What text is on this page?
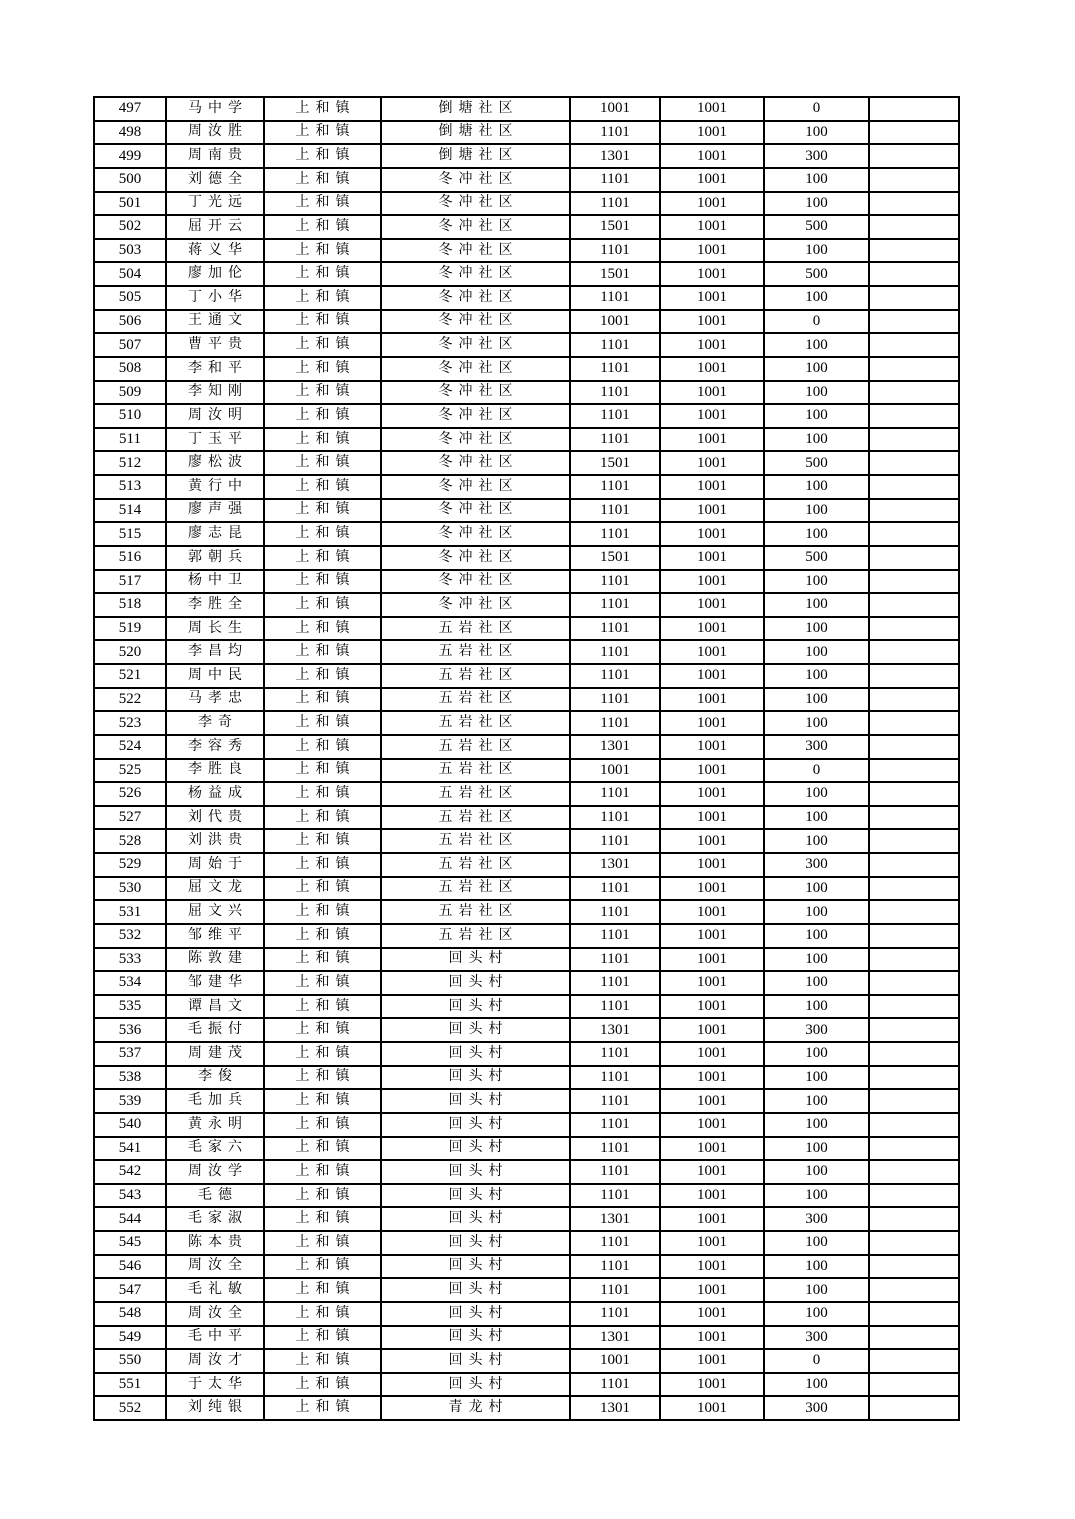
497	马中学	上和镇	倒塘社区	1001	1001	0	
498	周汝胜	上和镇	倒塘社区	1101	1001	100	
499	周南贵	上和镇	倒塘社区	1301	1001	300	
500	刘德全	上和镇	冬冲社区	1101	1001	100	
501	丁光远	上和镇	冬冲社区	1101	1001	100	
502	屈开云	上和镇	冬冲社区	1501	1001	500	
503	蒋义华	上和镇	冬冲社区	1101	1001	100	
504	廖加伦	上和镇	冬冲社区	1501	1001	500	
505	丁小华	上和镇	冬冲社区	1101	1001	100	
506	王通文	上和镇	冬冲社区	1001	1001	0	
507	曹平贵	上和镇	冬冲社区	1101	1001	100	
508	李和平	上和镇	冬冲社区	1101	1001	100	
509	李知刚	上和镇	冬冲社区	1101	1001	100	
510	周汝明	上和镇	冬冲社区	1101	1001	100	
511	丁玉平	上和镇	冬冲社区	1101	1001	100	
512	廖松波	上和镇	冬冲社区	1501	1001	500	
513	黄行中	上和镇	冬冲社区	1101	1001	100	
514	廖声强	上和镇	冬冲社区	1101	1001	100	
515	廖志昆	上和镇	冬冲社区	1101	1001	100	
516	郭朝兵	上和镇	冬冲社区	1501	1001	500	
517	杨中卫	上和镇	冬冲社区	1101	1001	100	
518	李胜全	上和镇	冬冲社区	1101	1001	100	
519	周长生	上和镇	五岩社区	1101	1001	100	
520	李昌均	上和镇	五岩社区	1101	1001	100	
521	周中民	上和镇	五岩社区	1101	1001	100	
522	马孝忠	上和镇	五岩社区	1101	1001	100	
523	李奇	上和镇	五岩社区	1101	1001	100	
524	李容秀	上和镇	五岩社区	1301	1001	300	
525	李胜良	上和镇	五岩社区	1001	1001	0	
526	杨益成	上和镇	五岩社区	1101	1001	100	
527	刘代贵	上和镇	五岩社区	1101	1001	100	
528	刘洪贵	上和镇	五岩社区	1101	1001	100	
529	周始于	上和镇	五岩社区	1301	1001	300	
530	屈文龙	上和镇	五岩社区	1101	1001	100	
531	屈文兴	上和镇	五岩社区	1101	1001	100	
532	邹维平	上和镇	五岩社区	1101	1001	100	
533	陈敦建	上和镇	回头村	1101	1001	100	
534	邹建华	上和镇	回头村	1101	1001	100	
535	谭昌文	上和镇	回头村	1101	1001	100	
536	毛振付	上和镇	回头村	1301	1001	300	
537	周建茂	上和镇	回头村	1101	1001	100	
538	李俊	上和镇	回头村	1101	1001	100	
539	毛加兵	上和镇	回头村	1101	1001	100	
540	黄永明	上和镇	回头村	1101	1001	100	
541	毛家六	上和镇	回头村	1101	1001	100	
542	周汝学	上和镇	回头村	1101	1001	100	
543	毛德	上和镇	回头村	1101	1001	100	
544	毛家淑	上和镇	回头村	1301	1001	300	
545	陈本贵	上和镇	回头村	1101	1001	100	
546	周汝全	上和镇	回头村	1101	1001	100	
547	毛礼敏	上和镇	回头村	1101	1001	100	
548	周汝全	上和镇	回头村	1101	1001	100	
549	毛中平	上和镇	回头村	1301	1001	300	
550	周汝才	上和镇	回头村	1001	1001	0	
551	于太华	上和镇	回头村	1101	1001	100	
552	刘纯银	上和镇	青龙村	1301	1001	300	
